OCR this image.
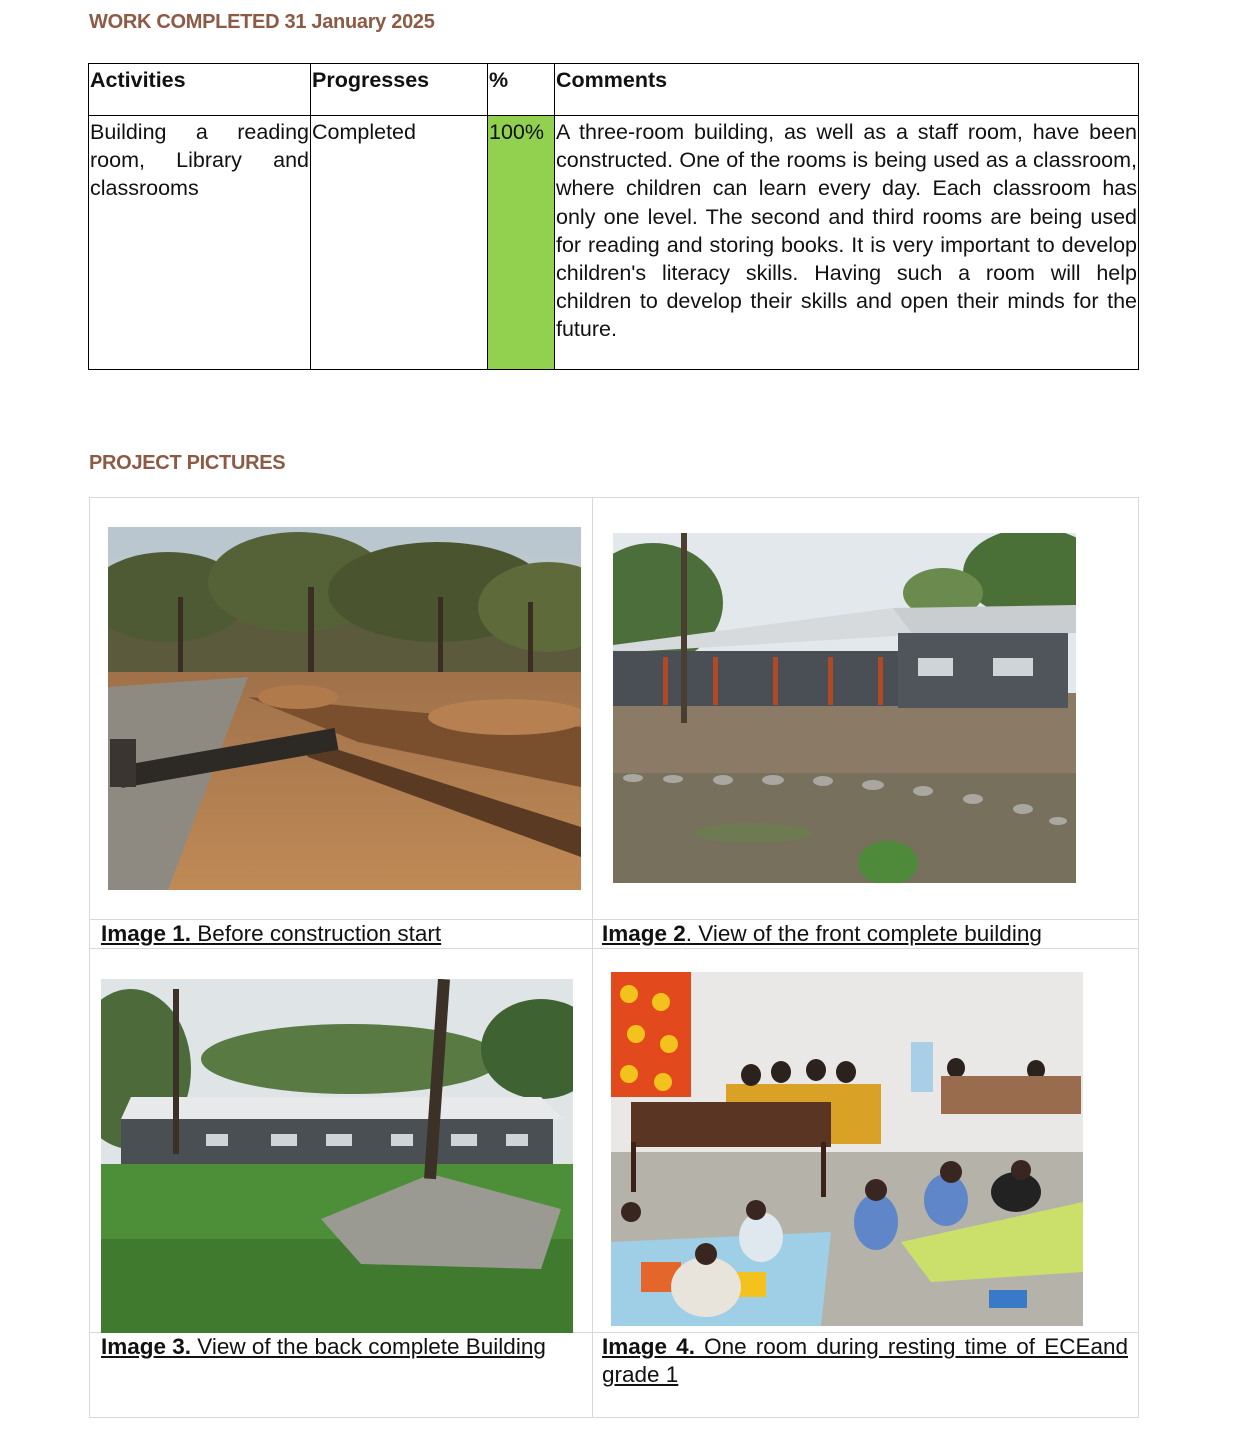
WORK COMPLETED 31 January 2025
Activities	Progresses	%	Comments
Building a reading room, Library and classrooms	Completed	100%	A three-room building, as well as a staff room, have been constructed. One of the rooms is being used as a classroom, where children can learn every day. Each classroom has only one level. The second and third rooms are being used for reading and storing books. It is very important to develop children's literacy skills. Having such a room will help children to develop their skills and open their minds for the future.
PROJECT PICTURES
Image 1. Before construction start	Image 2. View of the front complete building
Image 3. View of the back complete Building	Image 4. One room during resting time of ECEand grade 1
